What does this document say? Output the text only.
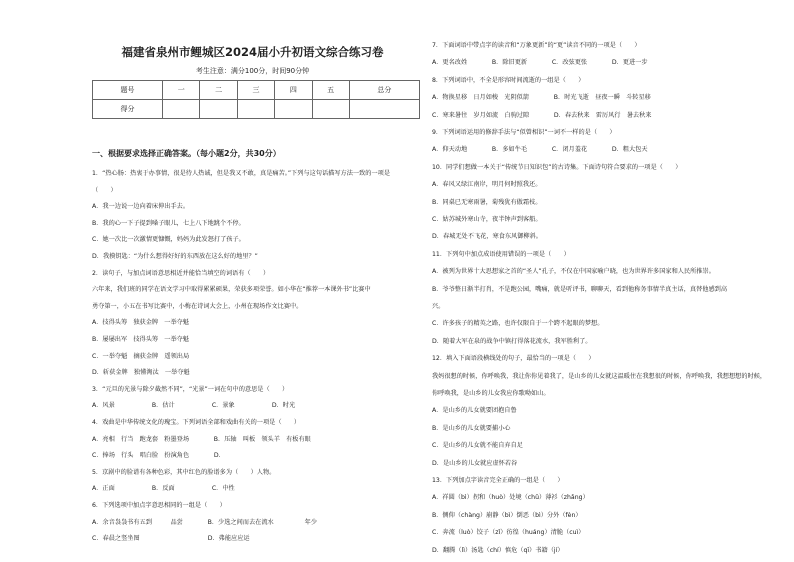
福建省泉州市鲤城区2024届小升初语文综合练习卷
考生注意：满分100分，时间90分钟
题号	一	二	三	四	五	总分
得分						
一、根据要求选择正确答案。（每小题2分，共30分）
1．“热心肠：热衷于办事情，很是待人热诚，但是我又不敢，真是痛苦。”下列与这句话描写方法一致的一项是
（　　）
A．我一边说一边向着床伸出手去。
B．我的心一下子提到嗓子眼儿，七上八下地跳个不停。
C．她一次比一次激情更慷慨，妈妈为此发怒打了孩子。
D．我摸钥匙：“为什么想得好好的东西放在这么好的地里？”
2．读句子，与加点词语意思相近并能恰当填空的词语有（　　）
六年来，我们班的同学在语文学习中取得累累硕果，荣获多项荣誉。如小华在“推荐一本课外书”比赛中
勇夺第一，小五在书写比赛中，小梅在诗词大会上，小州在现场作文比赛中。
A．技得头筹　独获金牌　一举夺魁
B．屡屡出军　技得头筹　一举夺魁
C．一举夺魁　摘获金牌　遥领出局
D．斩获金牌　独懂淘汰　一举夺魁
3．“元旦的光景与除夕截然不同”，“光景”一词在句中的意思是（　　）
A．风景　　　　　　B．估计　　　　　　C．景象　　　　　　D．时光
4．戏曲是中华传统文化的瑰宝。下列词语全部和戏曲有关的一项是（　　）
A．亮相　行当　跑龙套　粉墨登场　　　　B．压轴　叫板　领头羊　有板有眼
C．捧场　行头　唱白脸　扮演角色　　　　D．
5．京剧中的脸谱有各种色彩，其中红色的脸谱多为（　　）人物。
A．正面　　　　　　B．反面　　　　　　C．中性
6．下列选项中加点字意思相同的一组是（　　）
A．余音袅袅书有五到　　　品尝　　　　B．少选之间而去在流水　　　　　年少
C．春晨之竖坐图　　　　　　　　　　　D．弗能应应运
7．下面词语中带点字的读音和“万象更新”的“更”读音不同的一项是（　　）
A．更名改姓　　　　B．除旧更新　　　　C．改弦更张　　　　D．更进一步
8．下列词语中，不全是形容时间流逝的一组是（　　）
A．物换星移　日月如梭　光阴似箭　　　　B．时光飞逝　昼夜一瞬　斗转星移
C．寒来暑往　岁月如流　白驹过隙　　　　D．春去秋来　雷厉风行　暑去秋来
9．下列词语运用的修辞手法与“似曾相识”一词不一样的是（　　）
A．仰天动地　　　　B．多如牛毛　　　　C．闭月羞花　　　　D．粗大包天
10．同学们想做一本关于“传统节日知识包”的古诗集。下面诗句符合要求的一项是（　　）
A．春风又绿江南岸，明月何时照我还。
B．同桌已无寒雨暑，菊残犹有傲霜枝。
C．姑苏城外寒山寺，夜半钟声到客船。
D．春城无处不飞花，寒食东风御柳斜。
11．下列句中加点成语使用错误的一项是（　　）
A．被列为世界十大思想家之首的“圣人”孔子，不仅在中国家喻户晓，也为世界许多国家和人民所推崇。
B．爷爷整日渐半打肖，不是跑公园，嘴痛，就是听评书，聊聊天，看到他称务事情半真主话，真替他感到高
兴。
C．许多孩子的精英之路，也许仅限自于一个跨不起眼的梦想。
D．随着大军在泉的战争中镇打得落花流水，我军胜利了。
12．填入下面语段横线处的句子，最恰当的一项是（　　）
我妈很想的时候，你呼唤我，我让你你见着我了，是山乡的儿女就这温暖住在我想很的时候，你呼唤我，我想想想的时候，
你呼唤我，是山乡的儿女我应你歌呦如山。
A．是山乡的儿女就要团抱自鲁
B．是山乡的儿女就要捕小心
C．是山乡的儿女就不能自弃自足
D．是山乡的儿女就应虚怀若谷
13．下列加点字读音完全正确的一组是（　　）
A．祥圆（bì）拐和（huò）处境（chǔ）薄衫（zhǎng）
B．侧仰（chàng）崩静（bì）倒恶（bì）分外（fèn）
C．奔流（luò）饺子（zǐ）彷徨（huáng）清脆（cuì）
D．翻腾（lì）汤匙（chí）慎危（qī）书籍（jí）
